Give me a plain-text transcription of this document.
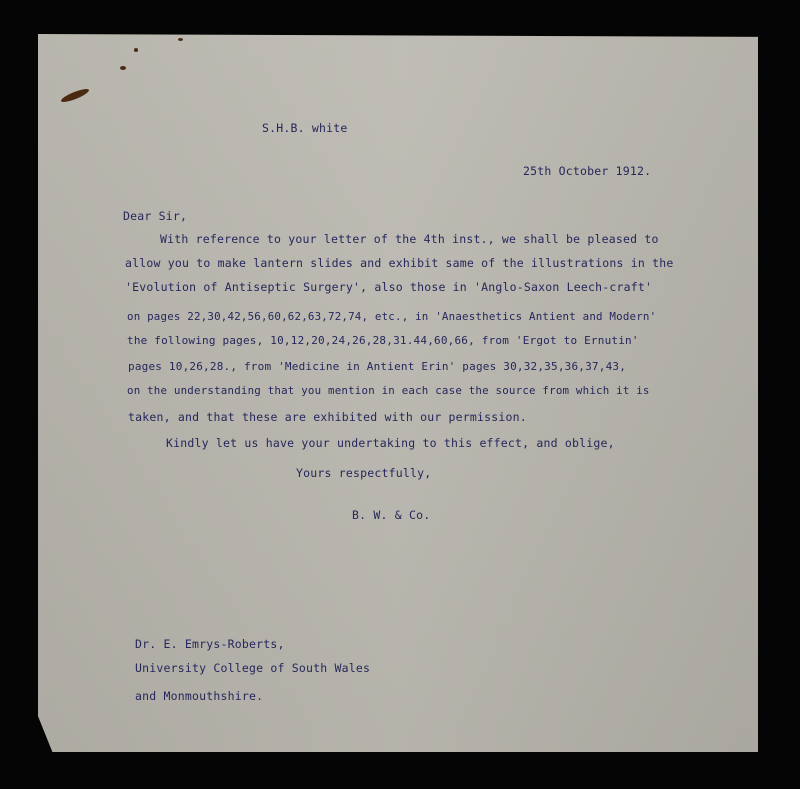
S.H.B. white
25th October 1912.
Dear Sir,
With reference to your letter of the 4th inst., we shall be pleased to
allow you to make lantern slides and exhibit same of the illustrations in the
'Evolution of Antiseptic Surgery', also those in 'Anglo-Saxon Leech-craft'
on pages 22,30,42,56,60,62,63,72,74, etc., in 'Anaesthetics Antient and Modern'
the following pages, 10,12,20,24,26,28,31.44,60,66, from 'Ergot to Ernutin'
pages 10,26,28., from 'Medicine in Antient Erin' pages 30,32,35,36,37,43,
on the understanding that you mention in each case the source from which it is
taken, and that these are exhibited with our permission.
Kindly let us have your undertaking to this effect, and oblige,
Yours respectfully,
B. W. & Co.
Dr. E. Emrys-Roberts,
University College of South Wales
and Monmouthshire.
